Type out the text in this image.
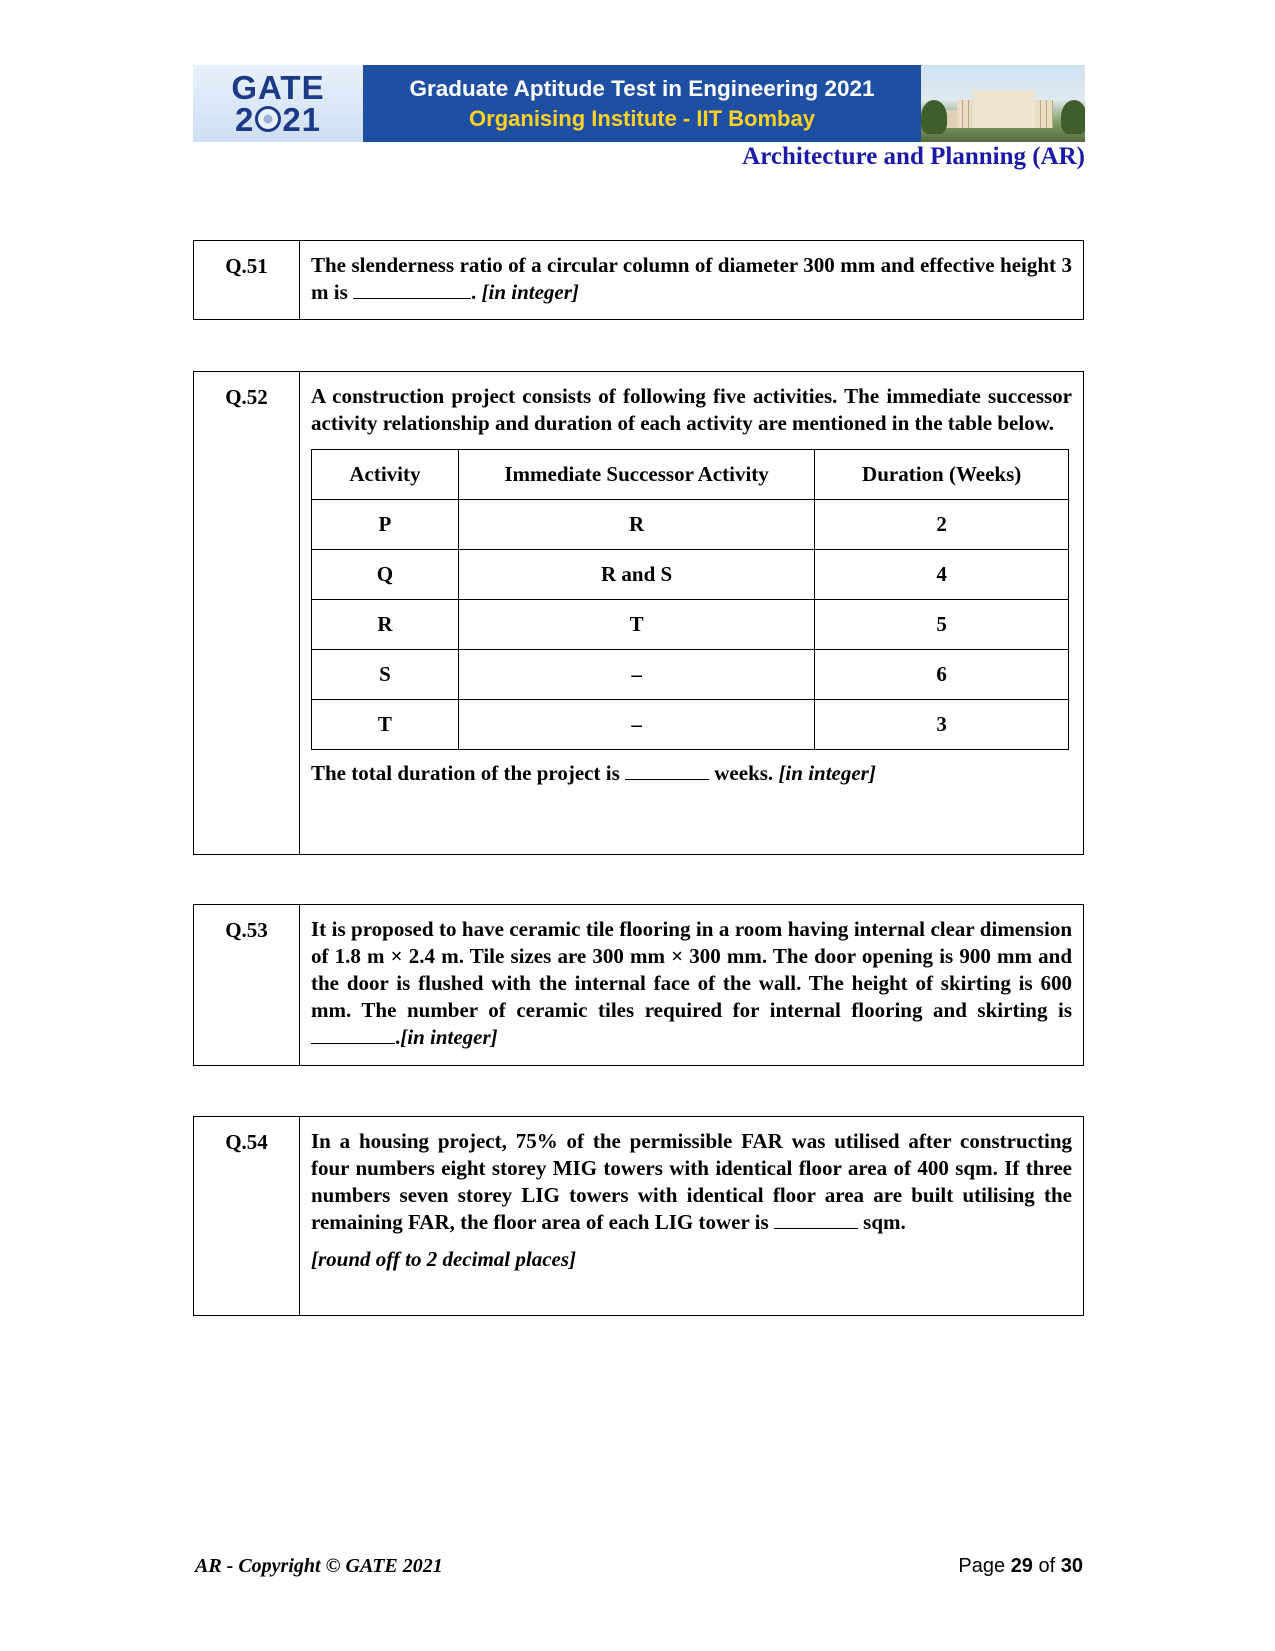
GATE
2 21
Graduate Aptitude Test in Engineering 2021
Organising Institute - IIT Bombay
Architecture and Planning (AR)
Q.51	The slenderness ratio of a circular column of diameter 300 mm and effective height 3 m is	. [in integer]
Q.52	A construction project consists of following five activities. The immediate successor activity relationship and duration of each activity are mentioned in the table below.
Activity	Immediate Successor Activity	Duration (Weeks)
P	R	2
Q	R and S	4
R	T	5
S	–	6
T	–	3
The total duration of the project is	weeks. [in integer]
Q.53	It is proposed to have ceramic tile flooring in a room having internal clear dimension of 1.8 m × 2.4 m. Tile sizes are 300 mm × 300 mm. The door opening is 900 mm and the door is flushed with the internal face of the wall. The height of skirting is 600 mm. The number of ceramic tiles required for internal flooring and skirting is .[in integer]
Q.54	In a housing project, 75% of the permissible FAR was utilised after constructing four numbers eight storey MIG towers with identical floor area of 400 sqm. If three numbers seven storey LIG towers with identical floor area are built utilising the remaining FAR, the floor area of each LIG tower is	sqm.
[round off to 2 decimal places]
AR - Copyright © GATE 2021	Page 29 of 30
